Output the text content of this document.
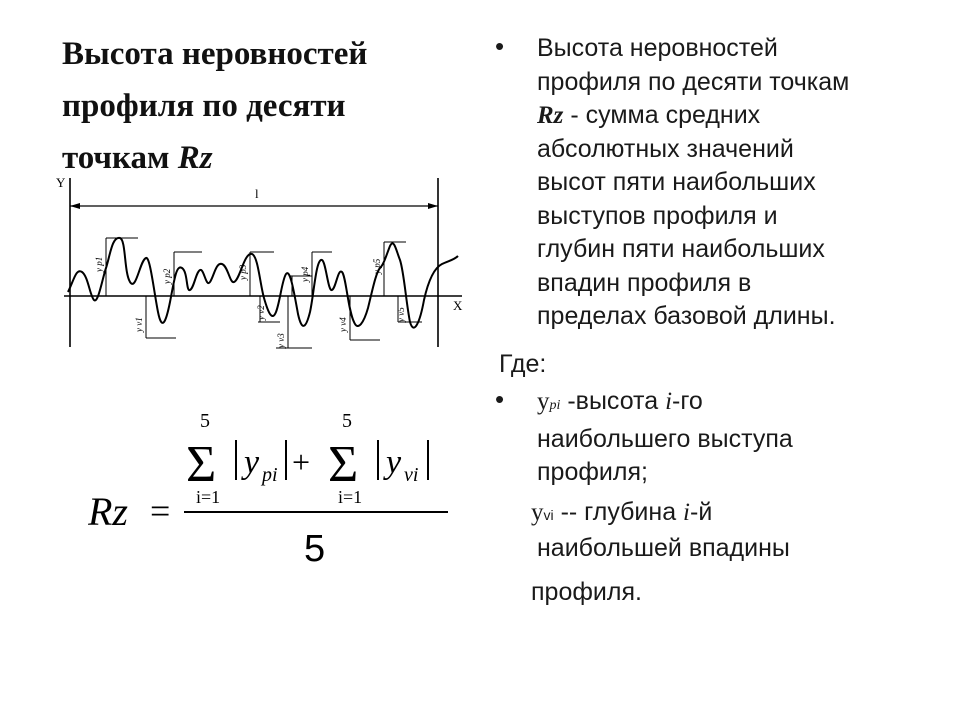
Высота неровностей
профиля по десяти
точкам Rz
Y
X
l
y p1
y v1
y p2
y v2
y p3
y v3
y p4
y v4
y p5
y v5
Rz =
5
Σ
i=1
y pi +
5
Σ
i=1
y vi
5
• Высота неровностей
профиля по десяти точкам
Rz - сумма средних
абсолютных значений
высот пяти наибольших
выступов профиля и
глубин пяти наибольших
впадин профиля в
пределах базовой длины.
Где:
• ypi -высота i-го
наибольшего выступа
профиля;
yvi -- глубина i-й
наибольшей впадины
профиля.
